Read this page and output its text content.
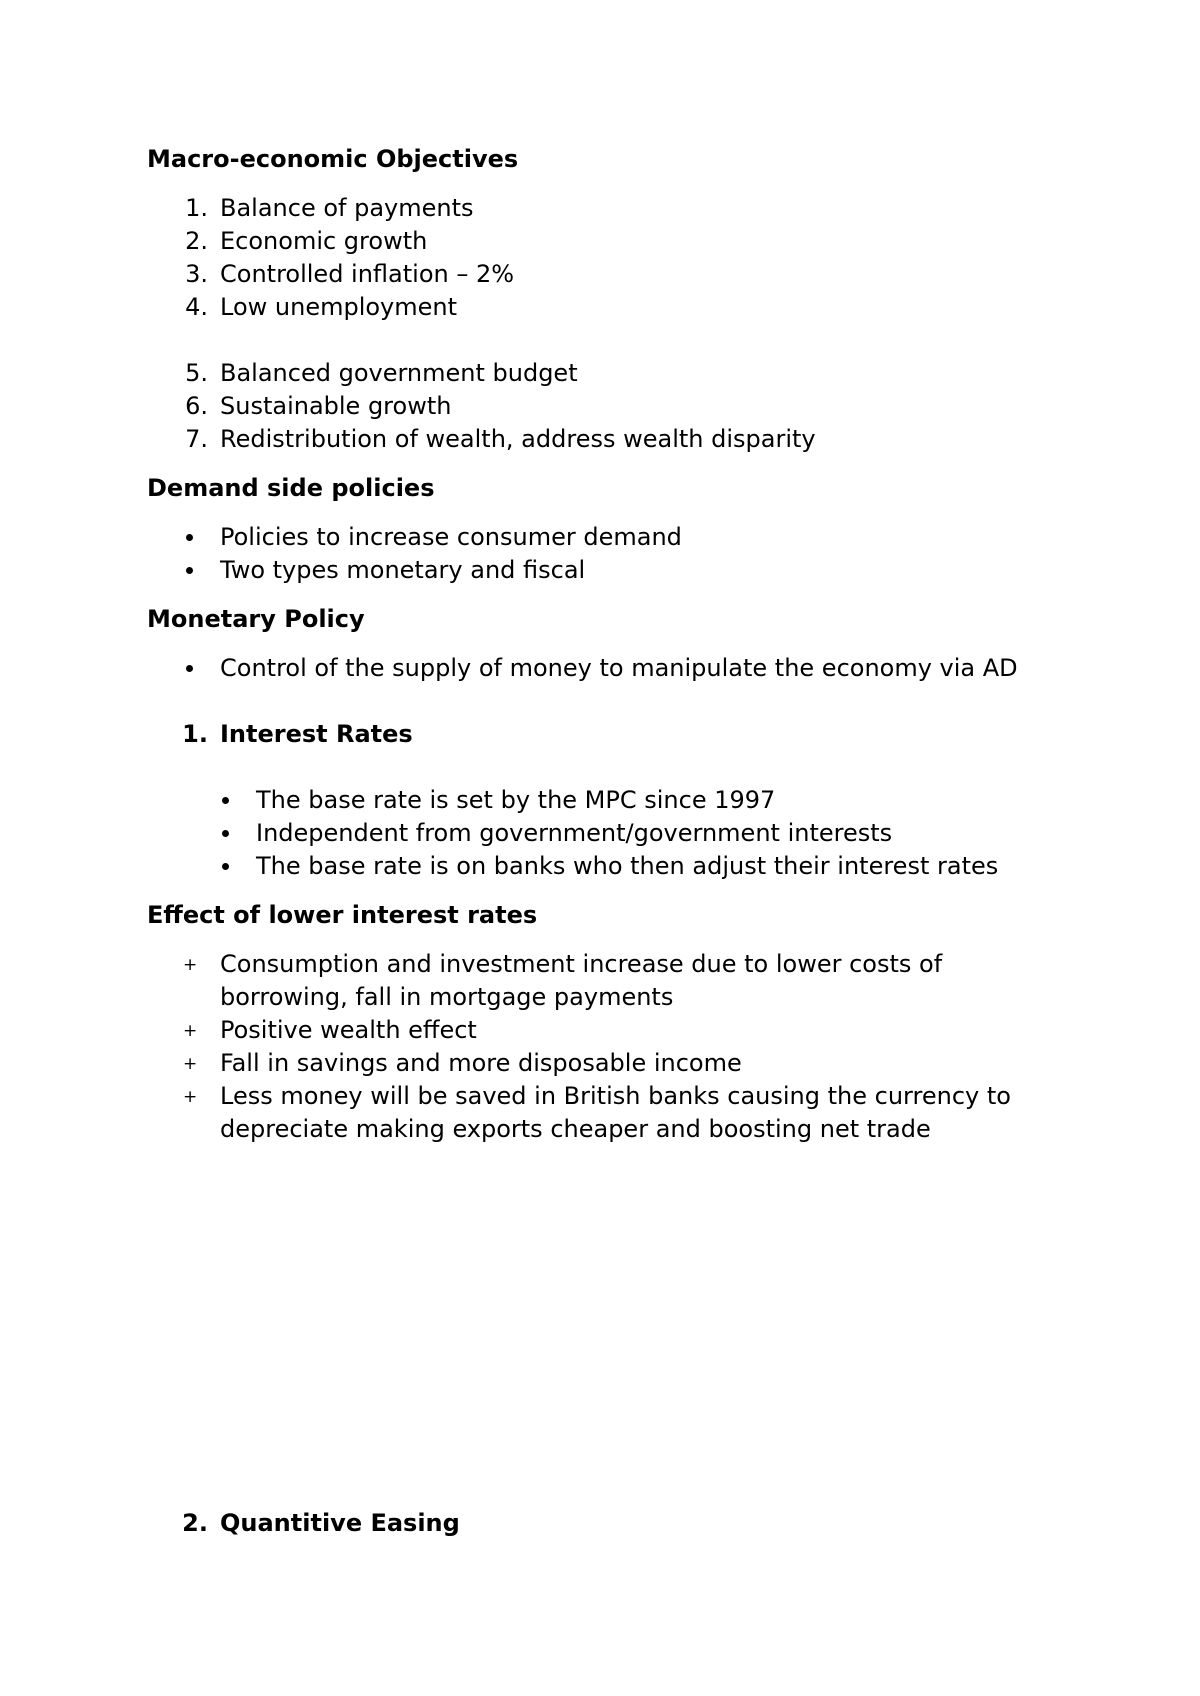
Macro-economic Objectives
1. Balance of payments
2. Economic growth
3. Controlled inflation – 2%
4. Low unemployment
5. Balanced government budget
6. Sustainable growth
7. Redistribution of wealth, address wealth disparity
Demand side policies
Policies to increase consumer demand
Two types monetary and fiscal
Monetary Policy
Control of the supply of money to manipulate the economy via AD
1. Interest Rates
The base rate is set by the MPC since 1997
Independent from government/government interests
The base rate is on banks who then adjust their interest rates
Effect of lower interest rates
+ Consumption and investment increase due to lower costs of
borrowing, fall in mortgage payments
+ Positive wealth effect
+ Fall in savings and more disposable income
+ Less money will be saved in British banks causing the currency to
depreciate making exports cheaper and boosting net trade
2. Quantitive Easing
